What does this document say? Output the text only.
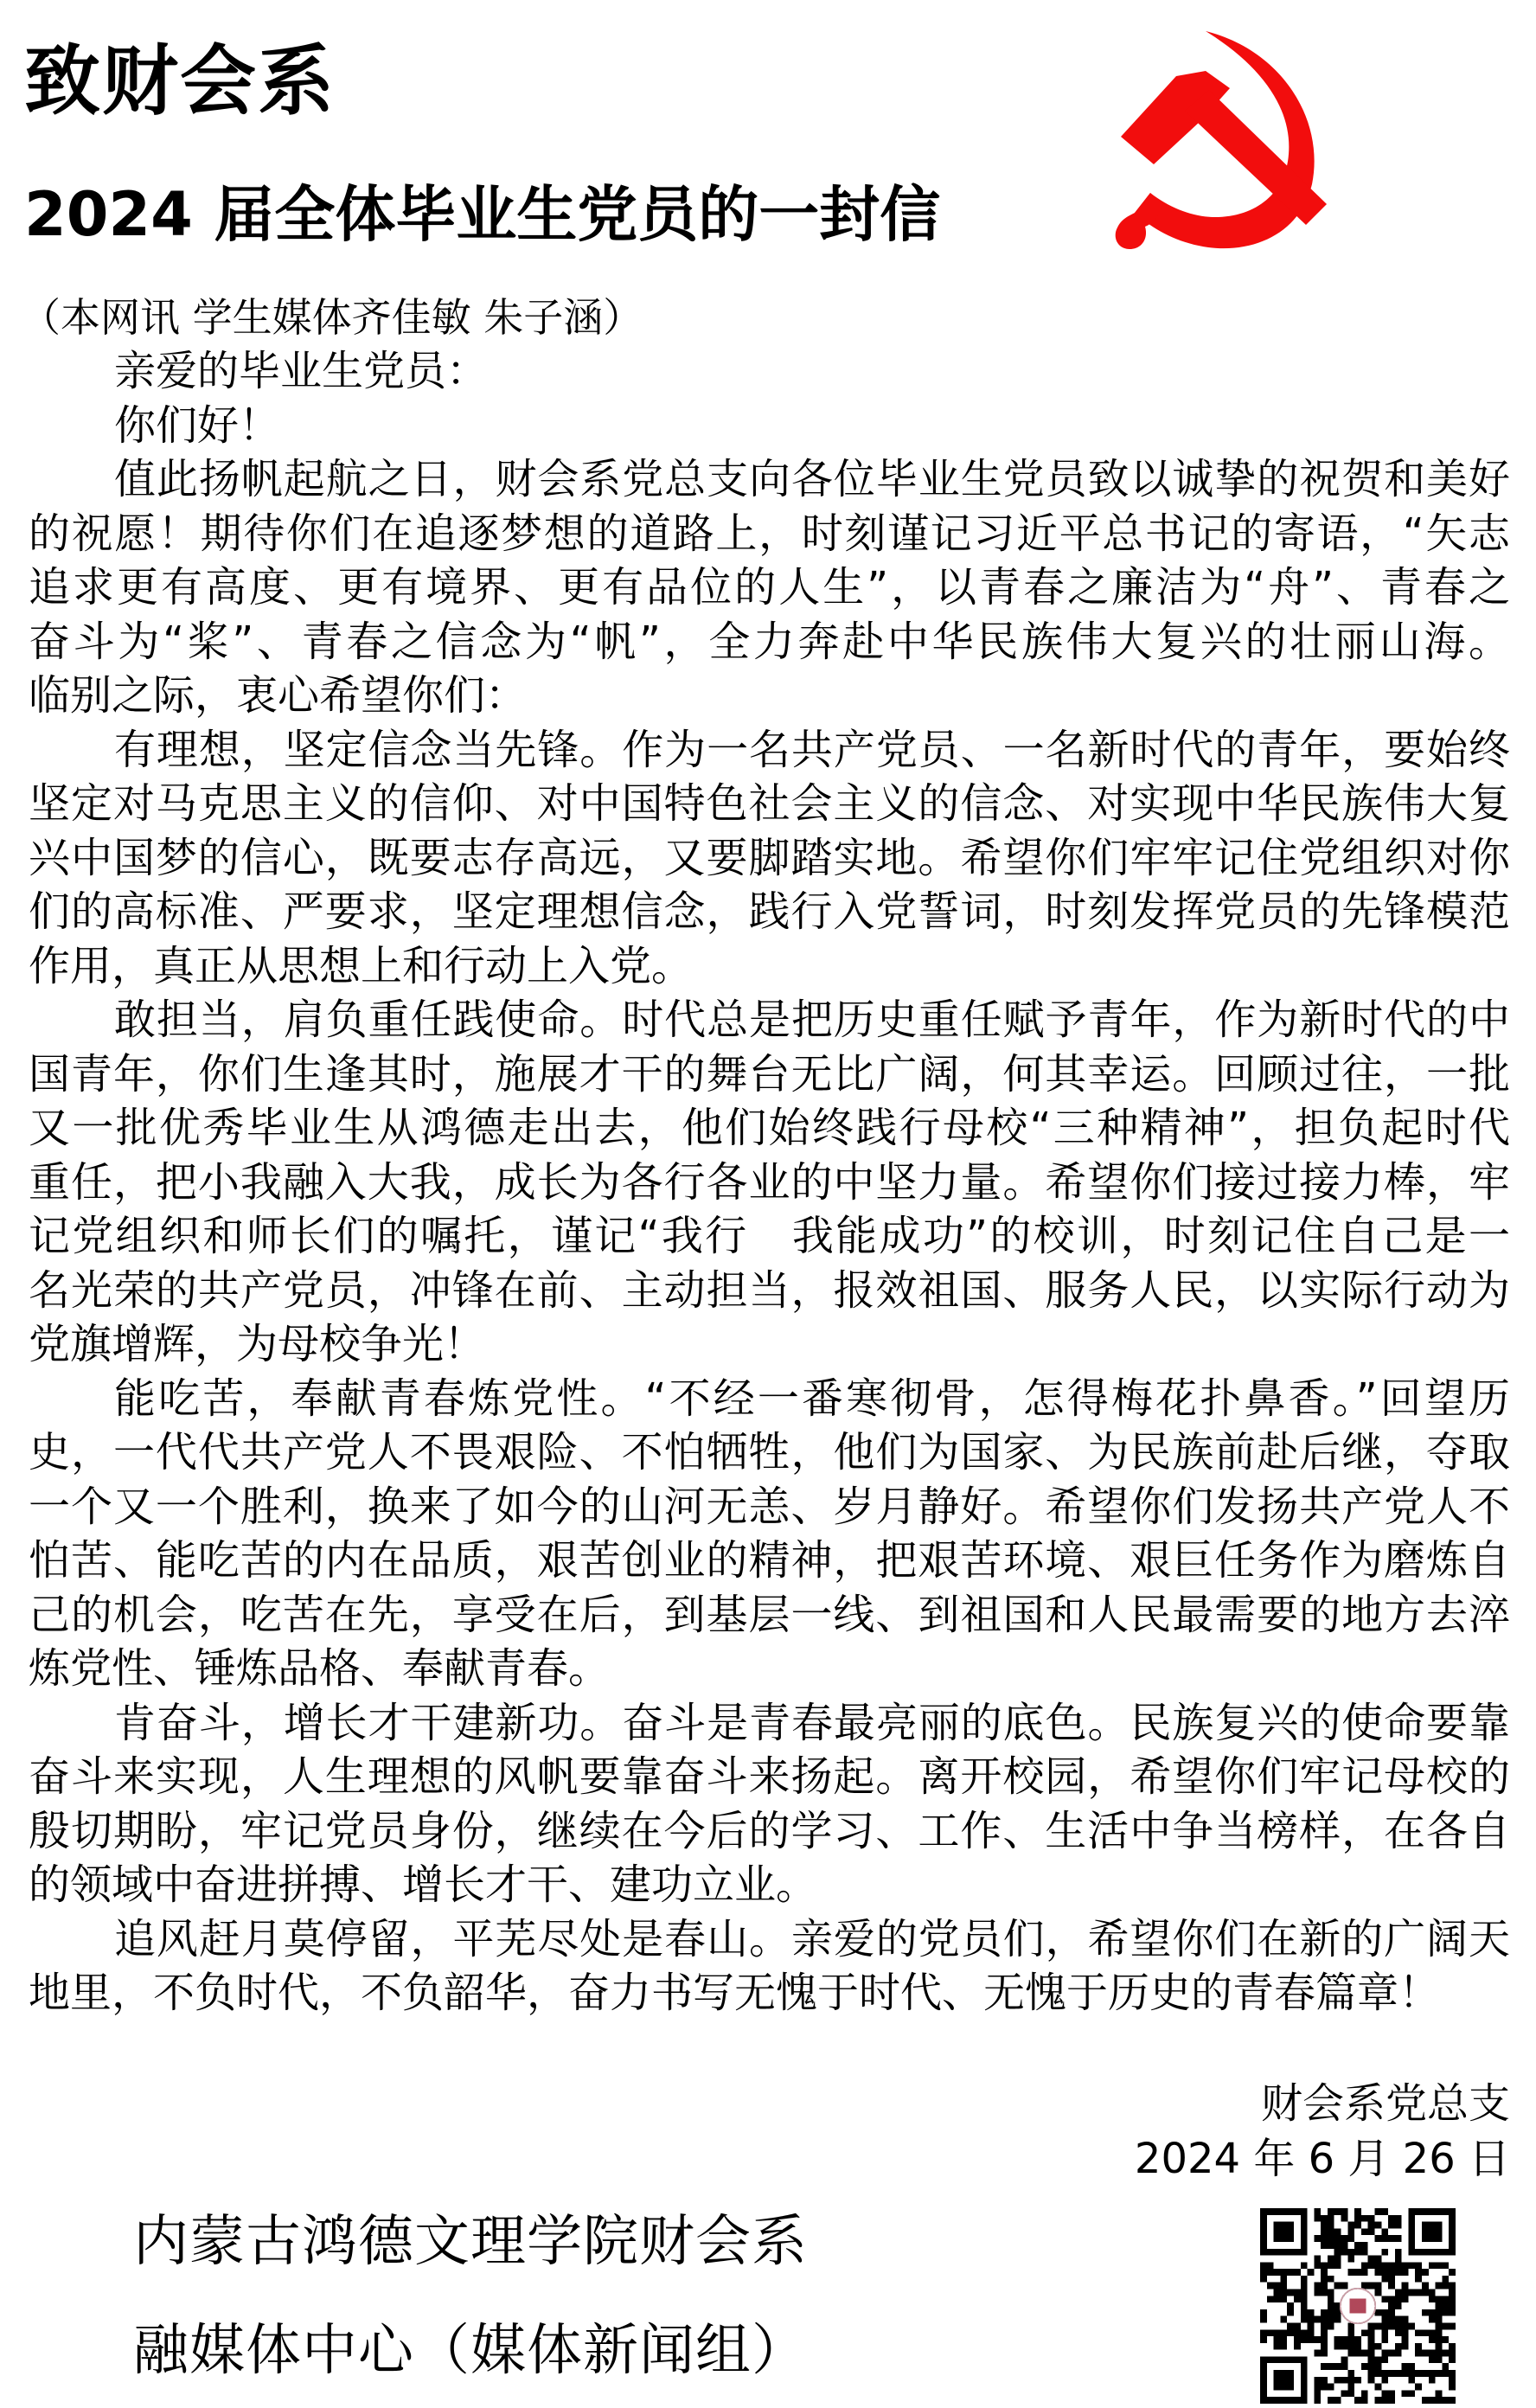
致财会系
2024 届全体毕业生党员的一封信
（本网讯 学生媒体齐佳敏 朱子涵）
亲爱的毕业生党员：
你们好！
值此扬帆起航之日，财会系党总支向各位毕业生党员致以诚挚的祝贺和美好
的祝愿！期待你们在追逐梦想的道路上，时刻谨记习近平总书记的寄语，“矢志
追求更有高度、更有境界、更有品位的人生”，以青春之廉洁为“舟”、青春之
奋斗为“桨”、青春之信念为“帆”，全力奔赴中华民族伟大复兴的壮丽山海。
临别之际，衷心希望你们：
有理想，坚定信念当先锋。作为一名共产党员、一名新时代的青年，要始终
坚定对马克思主义的信仰、对中国特色社会主义的信念、对实现中华民族伟大复
兴中国梦的信心，既要志存高远，又要脚踏实地。希望你们牢牢记住党组织对你
们的高标准、严要求，坚定理想信念，践行入党誓词，时刻发挥党员的先锋模范
作用，真正从思想上和行动上入党。
敢担当，肩负重任践使命。时代总是把历史重任赋予青年，作为新时代的中
国青年，你们生逢其时，施展才干的舞台无比广阔，何其幸运。回顾过往，一批
又一批优秀毕业生从鸿德走出去，他们始终践行母校“三种精神”，担负起时代
重任，把小我融入大我，成长为各行各业的中坚力量。希望你们接过接力棒，牢
记党组织和师长们的嘱托，谨记“我行　我能成功”的校训，时刻记住自己是一
名光荣的共产党员，冲锋在前、主动担当，报效祖国、服务人民，以实际行动为
党旗增辉，为母校争光！
能吃苦，奉献青春炼党性。“不经一番寒彻骨，怎得梅花扑鼻香。”回望历
史，一代代共产党人不畏艰险、不怕牺牲，他们为国家、为民族前赴后继，夺取
一个又一个胜利，换来了如今的山河无恙、岁月静好。希望你们发扬共产党人不
怕苦、能吃苦的内在品质，艰苦创业的精神，把艰苦环境、艰巨任务作为磨炼自
己的机会，吃苦在先，享受在后，到基层一线、到祖国和人民最需要的地方去淬
炼党性、锤炼品格、奉献青春。
肯奋斗，增长才干建新功。奋斗是青春最亮丽的底色。民族复兴的使命要靠
奋斗来实现，人生理想的风帆要靠奋斗来扬起。离开校园，希望你们牢记母校的
殷切期盼，牢记党员身份，继续在今后的学习、工作、生活中争当榜样，在各自
的领域中奋进拼搏、增长才干、建功立业。
追风赶月莫停留，平芜尽处是春山。亲爱的党员们，希望你们在新的广阔天
地里，不负时代，不负韶华，奋力书写无愧于时代、无愧于历史的青春篇章！
财会系党总支
2024 年 6 月 26 日
内蒙古鸿德文理学院财会系
融媒体中心（媒体新闻组）
